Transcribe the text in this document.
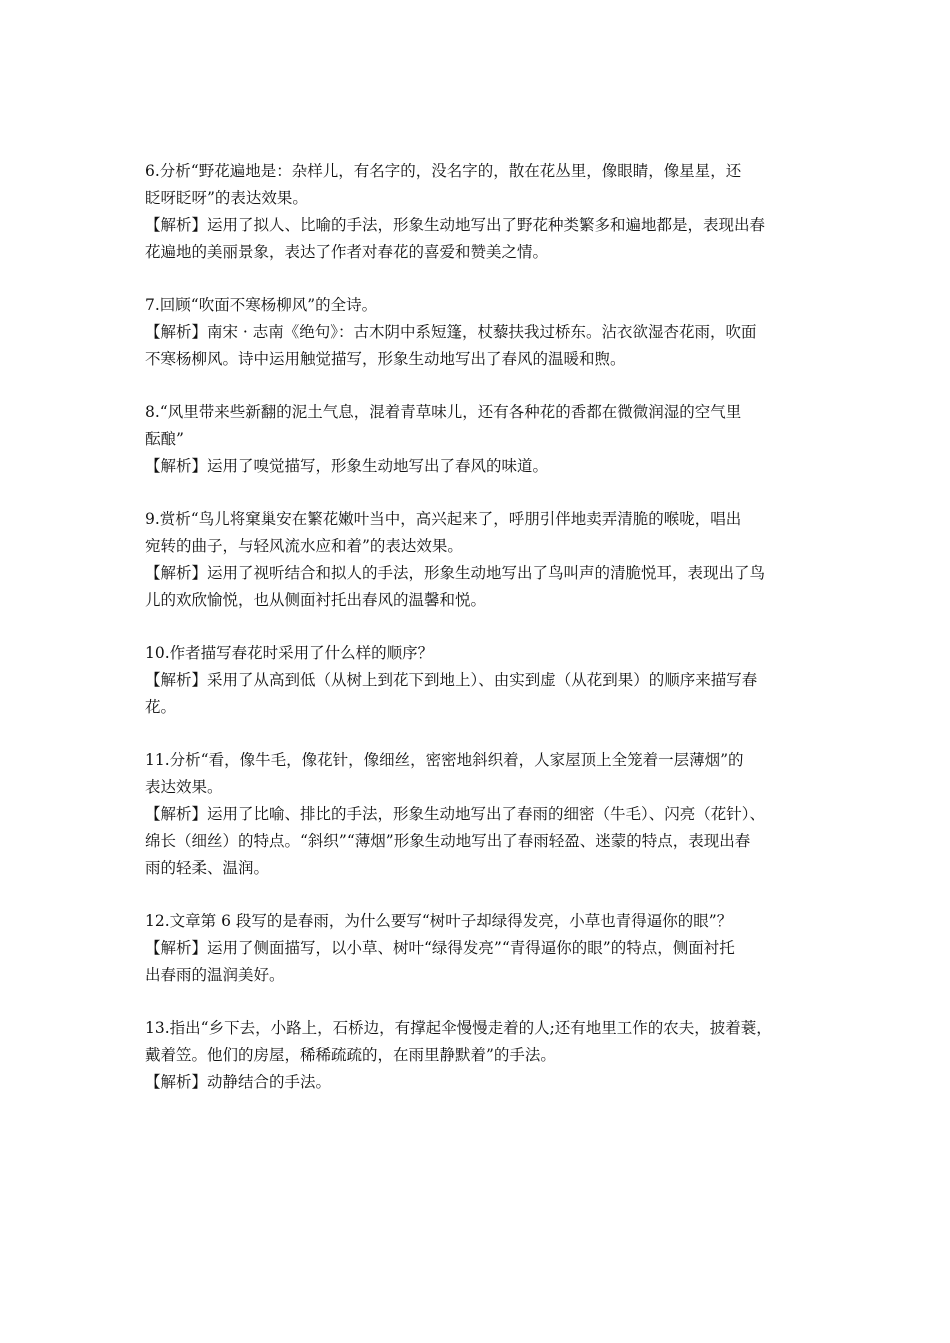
6.分析“野花遍地是：杂样儿，有名字的，没名字的，散在花丛里，像眼睛，像星星，还
眨呀眨呀”的表达效果。
【解析】运用了拟人、比喻的手法，形象生动地写出了野花种类繁多和遍地都是，表现出春
花遍地的美丽景象，表达了作者对春花的喜爱和赞美之情。
7.回顾“吹面不寒杨柳风”的全诗。
【解析】南宋 · 志南《绝句》：古木阴中系短篷，杖藜扶我过桥东。沾衣欲湿杏花雨，吹面
不寒杨柳风。诗中运用触觉描写，形象生动地写出了春风的温暖和煦。
8.“风里带来些新翻的泥土气息，混着青草味儿，还有各种花的香都在微微润湿的空气里
酝酿”
【解析】运用了嗅觉描写，形象生动地写出了春风的味道。
9.赏析“鸟儿将窠巢安在繁花嫩叶当中，高兴起来了，呼朋引伴地卖弄清脆的喉咙，唱出
宛转的曲子，与轻风流水应和着”的表达效果。
【解析】运用了视听结合和拟人的手法，形象生动地写出了鸟叫声的清脆悦耳，表现出了鸟
儿的欢欣愉悦，也从侧面衬托出春风的温馨和悦。
10.作者描写春花时采用了什么样的顺序？
【解析】采用了从高到低（从树上到花下到地上）、由实到虚（从花到果）的顺序来描写春
花。
11.分析“看，像牛毛，像花针，像细丝，密密地斜织着，人家屋顶上全笼着一层薄烟”的
表达效果。
【解析】运用了比喻、排比的手法，形象生动地写出了春雨的细密（牛毛）、闪亮（花针）、
绵长（细丝）的特点。“斜织”“薄烟”形象生动地写出了春雨轻盈、迷蒙的特点，表现出春
雨的轻柔、温润。
12.文章第 6 段写的是春雨，为什么要写“树叶子却绿得发亮，小草也青得逼你的眼”？
【解析】运用了侧面描写，以小草、树叶“绿得发亮”“青得逼你的眼”的特点，侧面衬托
出春雨的温润美好。
13.指出“乡下去，小路上，石桥边，有撑起伞慢慢走着的人;还有地里工作的农夫，披着蓑，
戴着笠。他们的房屋，稀稀疏疏的，在雨里静默着”的手法。
【解析】动静结合的手法。
